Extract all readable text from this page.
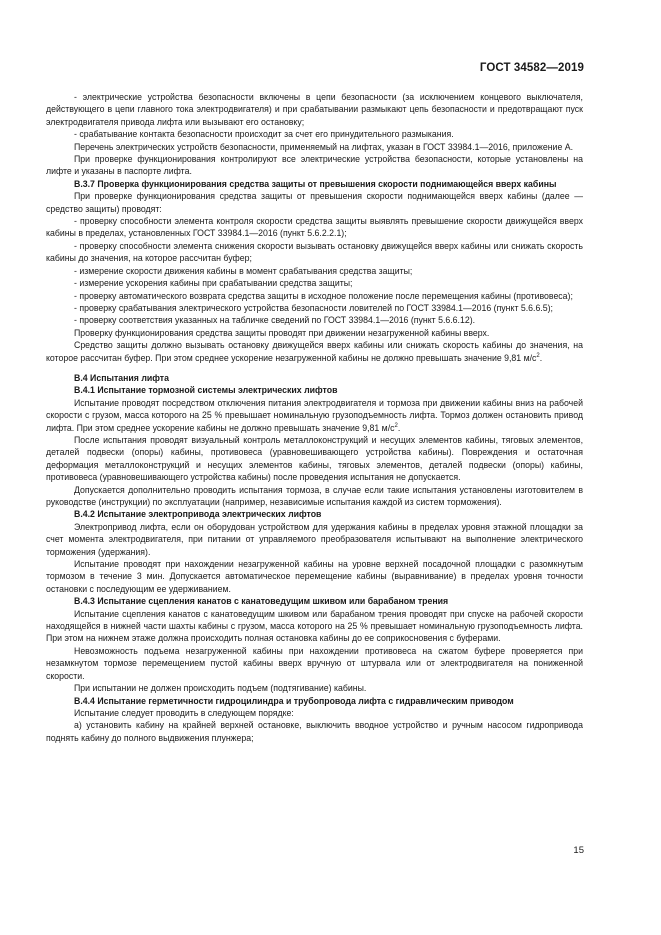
ГОСТ 34582—2019

- электрические устройства безопасности включены в цепи безопасности (за исключением концевого выключателя, действующего в цепи главного тока электродвигателя) и при срабатывании размыкают цепь безопасности и предотвращают пуск электродвигателя привода лифта или вызывают его остановку;

- срабатывание контакта безопасности происходит за счет его принудительного размыкания.

Перечень электрических устройств безопасности, применяемый на лифтах, указан в ГОСТ 33984.1—2016, приложение А.

При проверке функционирования контролируют все электрические устройства безопасности, которые установлены на лифте и указаны в паспорте лифта.

В.3.7 Проверка функционирования средства защиты от превышения скорости поднимающейся вверх кабины

При проверке функционирования средства защиты от превышения скорости поднимающейся вверх кабины (далее — средство защиты) проводят:

- проверку способности элемента контроля скорости средства защиты выявлять превышение скорости движущейся вверх кабины в пределах, установленных ГОСТ 33984.1—2016 (пункт 5.6.2.2.1);

- проверку способности элемента снижения скорости вызывать остановку движущейся вверх кабины или снижать скорость кабины до значения, на которое рассчитан буфер;

- измерение скорости движения кабины в момент срабатывания средства защиты;

- измерение ускорения кабины при срабатывании средства защиты;

- проверку автоматического возврата средства защиты в исходное положение после перемещения кабины (противовеса);

- проверку срабатывания электрического устройства безопасности ловителей по ГОСТ 33984.1—2016 (пункт 5.6.6.5);

- проверку соответствия указанных на табличке сведений по ГОСТ 33984.1—2016 (пункт 5.6.6.12).

Проверку функционирования средства защиты проводят при движении незагруженной кабины вверх.

Средство защиты должно вызывать остановку движущейся вверх кабины или снижать скорость кабины до значения, на которое рассчитан буфер. При этом среднее ускорение незагруженной кабины не должно превышать значение 9,81 $м/с^2$.

В.4 Испытания лифта

В.4.1 Испытание тормозной системы электрических лифтов

Испытание проводят посредством отключения питания электродвигателя и тормоза при движении кабины вниз на рабочей скорости с грузом, масса которого на 25 % превышает номинальную грузоподъемность лифта. Тормоз должен остановить привод лифта. При этом среднее ускорение кабины не должно превышать значение 9,81 $м/с^2$.

После испытания проводят визуальный контроль металлоконструкций и несущих элементов кабины, тяговых элементов, деталей подвески (опоры) кабины, противовеса (уравновешивающего устройства кабины). Повреждения и остаточная деформация металлоконструкций и несущих элементов кабины, тяговых элементов, деталей подвески (опоры) кабины, противовеса (уравновешивающего устройства кабины) после проведения испытания не допускается.

Допускается дополнительно проводить испытания тормоза, в случае если такие испытания установлены изготовителем в руководстве (инструкции) по эксплуатации (например, независимые испытания каждой из систем торможения).

В.4.2 Испытание электропривода электрических лифтов

Электропривод лифта, если он оборудован устройством для удержания кабины в пределах уровня этажной площадки за счет момента электродвигателя, при питании от управляемого преобразователя испытывают на выполнение электрического торможения (удержания).

Испытание проводят при нахождении незагруженной кабины на уровне верхней посадочной площадки с разомкнутым тормозом в течение 3 мин. Допускается автоматическое перемещение кабины (выравнивание) в пределах уровня точности остановки с последующим ее удерживанием.

В.4.3 Испытание сцепления канатов с канатоведущим шкивом или барабаном трения

Испытание сцепления канатов с канатоведущим шкивом или барабаном трения проводят при спуске на рабочей скорости находящейся в нижней части шахты кабины с грузом, масса которого на 25 % превышает номинальную грузоподъемность лифта. При этом на нижнем этаже должна происходить полная остановка кабины до ее соприкосновения с буферами.

Невозможность подъема незагруженной кабины при нахождении противовеса на сжатом буфере проверяется при незамкнутом тормозе перемещением пустой кабины вверх вручную от штурвала или от электродвигателя на пониженной скорости.

При испытании не должен происходить подъем (подтягивание) кабины.

В.4.4 Испытание герметичности гидроцилиндра и трубопровода лифта с гидравлическим приводом

Испытание следует проводить в следующем порядке:

а) установить кабину на крайней верхней остановке, выключить вводное устройство и ручным насосом гидропривода поднять кабину до полного выдвижения плунжера;

15
